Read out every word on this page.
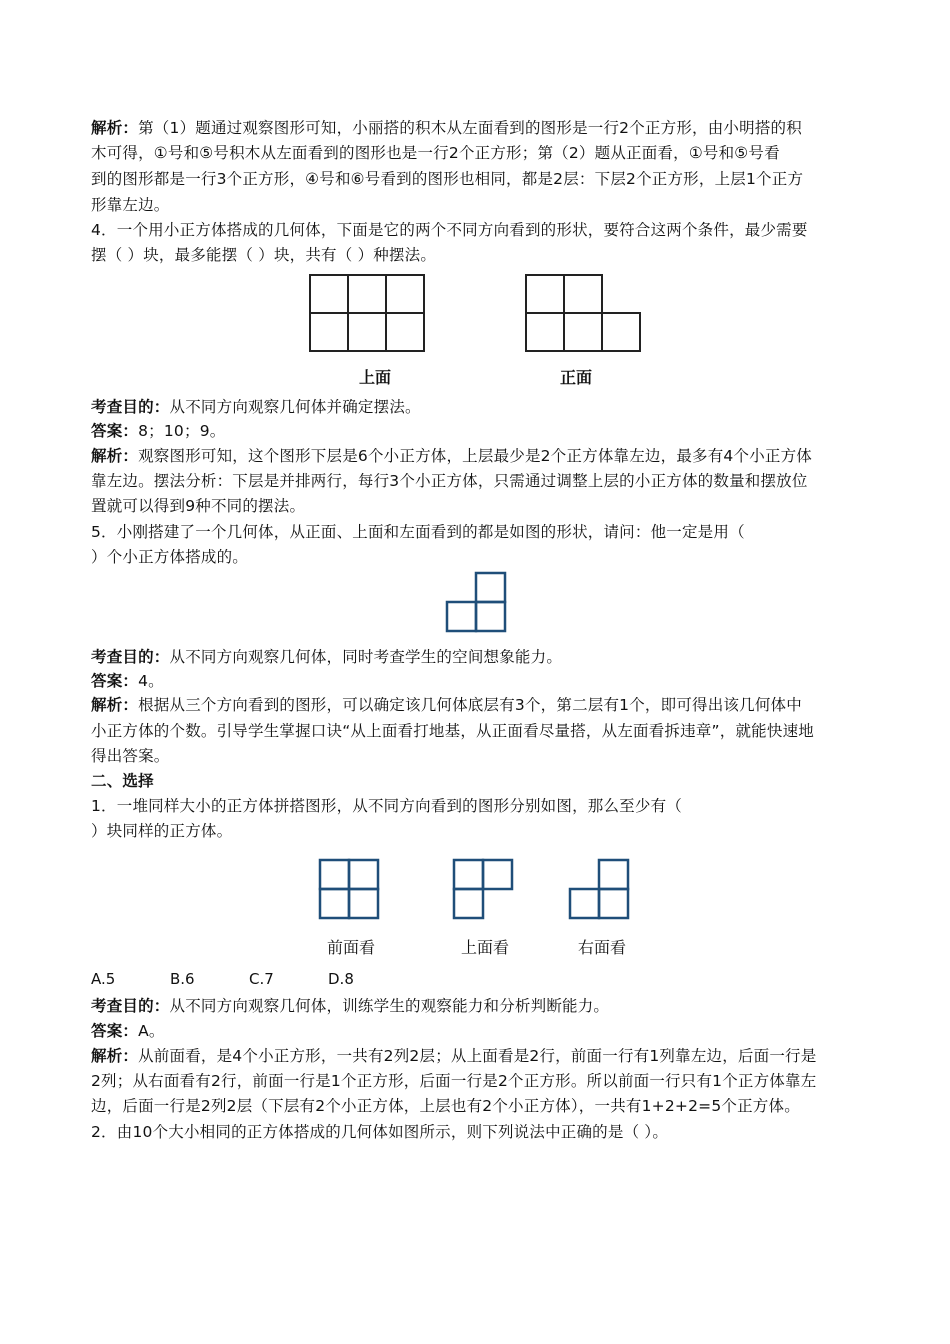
解析：第（1）题通过观察图形可知，小丽搭的积木从左面看到的图形是一行2个正方形，由小明搭的积

木可得，①号和⑤号积木从左面看到的图形也是一行2个正方形；第（2）题从正面看，①号和⑤号看

到的图形都是一行3个正方形，④号和⑥号看到的图形也相同，都是2层：下层2个正方形，上层1个正方

形靠左边。

4．一个用小正方体搭成的几何体，下面是它的两个不同方向看到的形状，要符合这两个条件，最少需要

摆（ ）块，最多能摆（ ）块，共有（ ）种摆法。

上面	正面

考查目的：从不同方向观察几何体并确定摆法。

答案：8；10；9。

解析：观察图形可知，这个图形下层是6个小正方体，上层最少是2个正方体靠左边，最多有4个小正方体

靠左边。摆法分析：下层是并排两行，每行3个小正方体，只需通过调整上层的小正方体的数量和摆放位

置就可以得到9种不同的摆法。

5．小刚搭建了一个几何体，从正面、上面和左面看到的都是如图的形状，请问：他一定是用（

）个小正方体搭成的。

考查目的：从不同方向观察几何体，同时考查学生的空间想象能力。

答案：4。

解析：根据从三个方向看到的图形，可以确定该几何体底层有3个，第二层有1个，即可得出该几何体中

小正方体的个数。引导学生掌握口诀“从上面看打地基，从正面看尽量搭，从左面看拆违章”，就能快速地

得出答案。

二、选择

1．一堆同样大小的正方体拼搭图形，从不同方向看到的图形分别如图，那么至少有（

）块同样的正方体。

前面看	上面看	右面看
A.5	B.6	C.7	D.8

考查目的：从不同方向观察几何体，训练学生的观察能力和分析判断能力。

答案：A。

解析：从前面看，是4个小正方形，一共有2列2层；从上面看是2行，前面一行有1列靠左边，后面一行是

2列；从右面看有2行，前面一行是1个正方形，后面一行是2个正方形。所以前面一行只有1个正方体靠左

边，后面一行是2列2层（下层有2个小正方体，上层也有2个小正方体），一共有1+2+2=5个正方体。

2．由10个大小相同的正方体搭成的几何体如图所示，则下列说法中正确的是（ ）。
